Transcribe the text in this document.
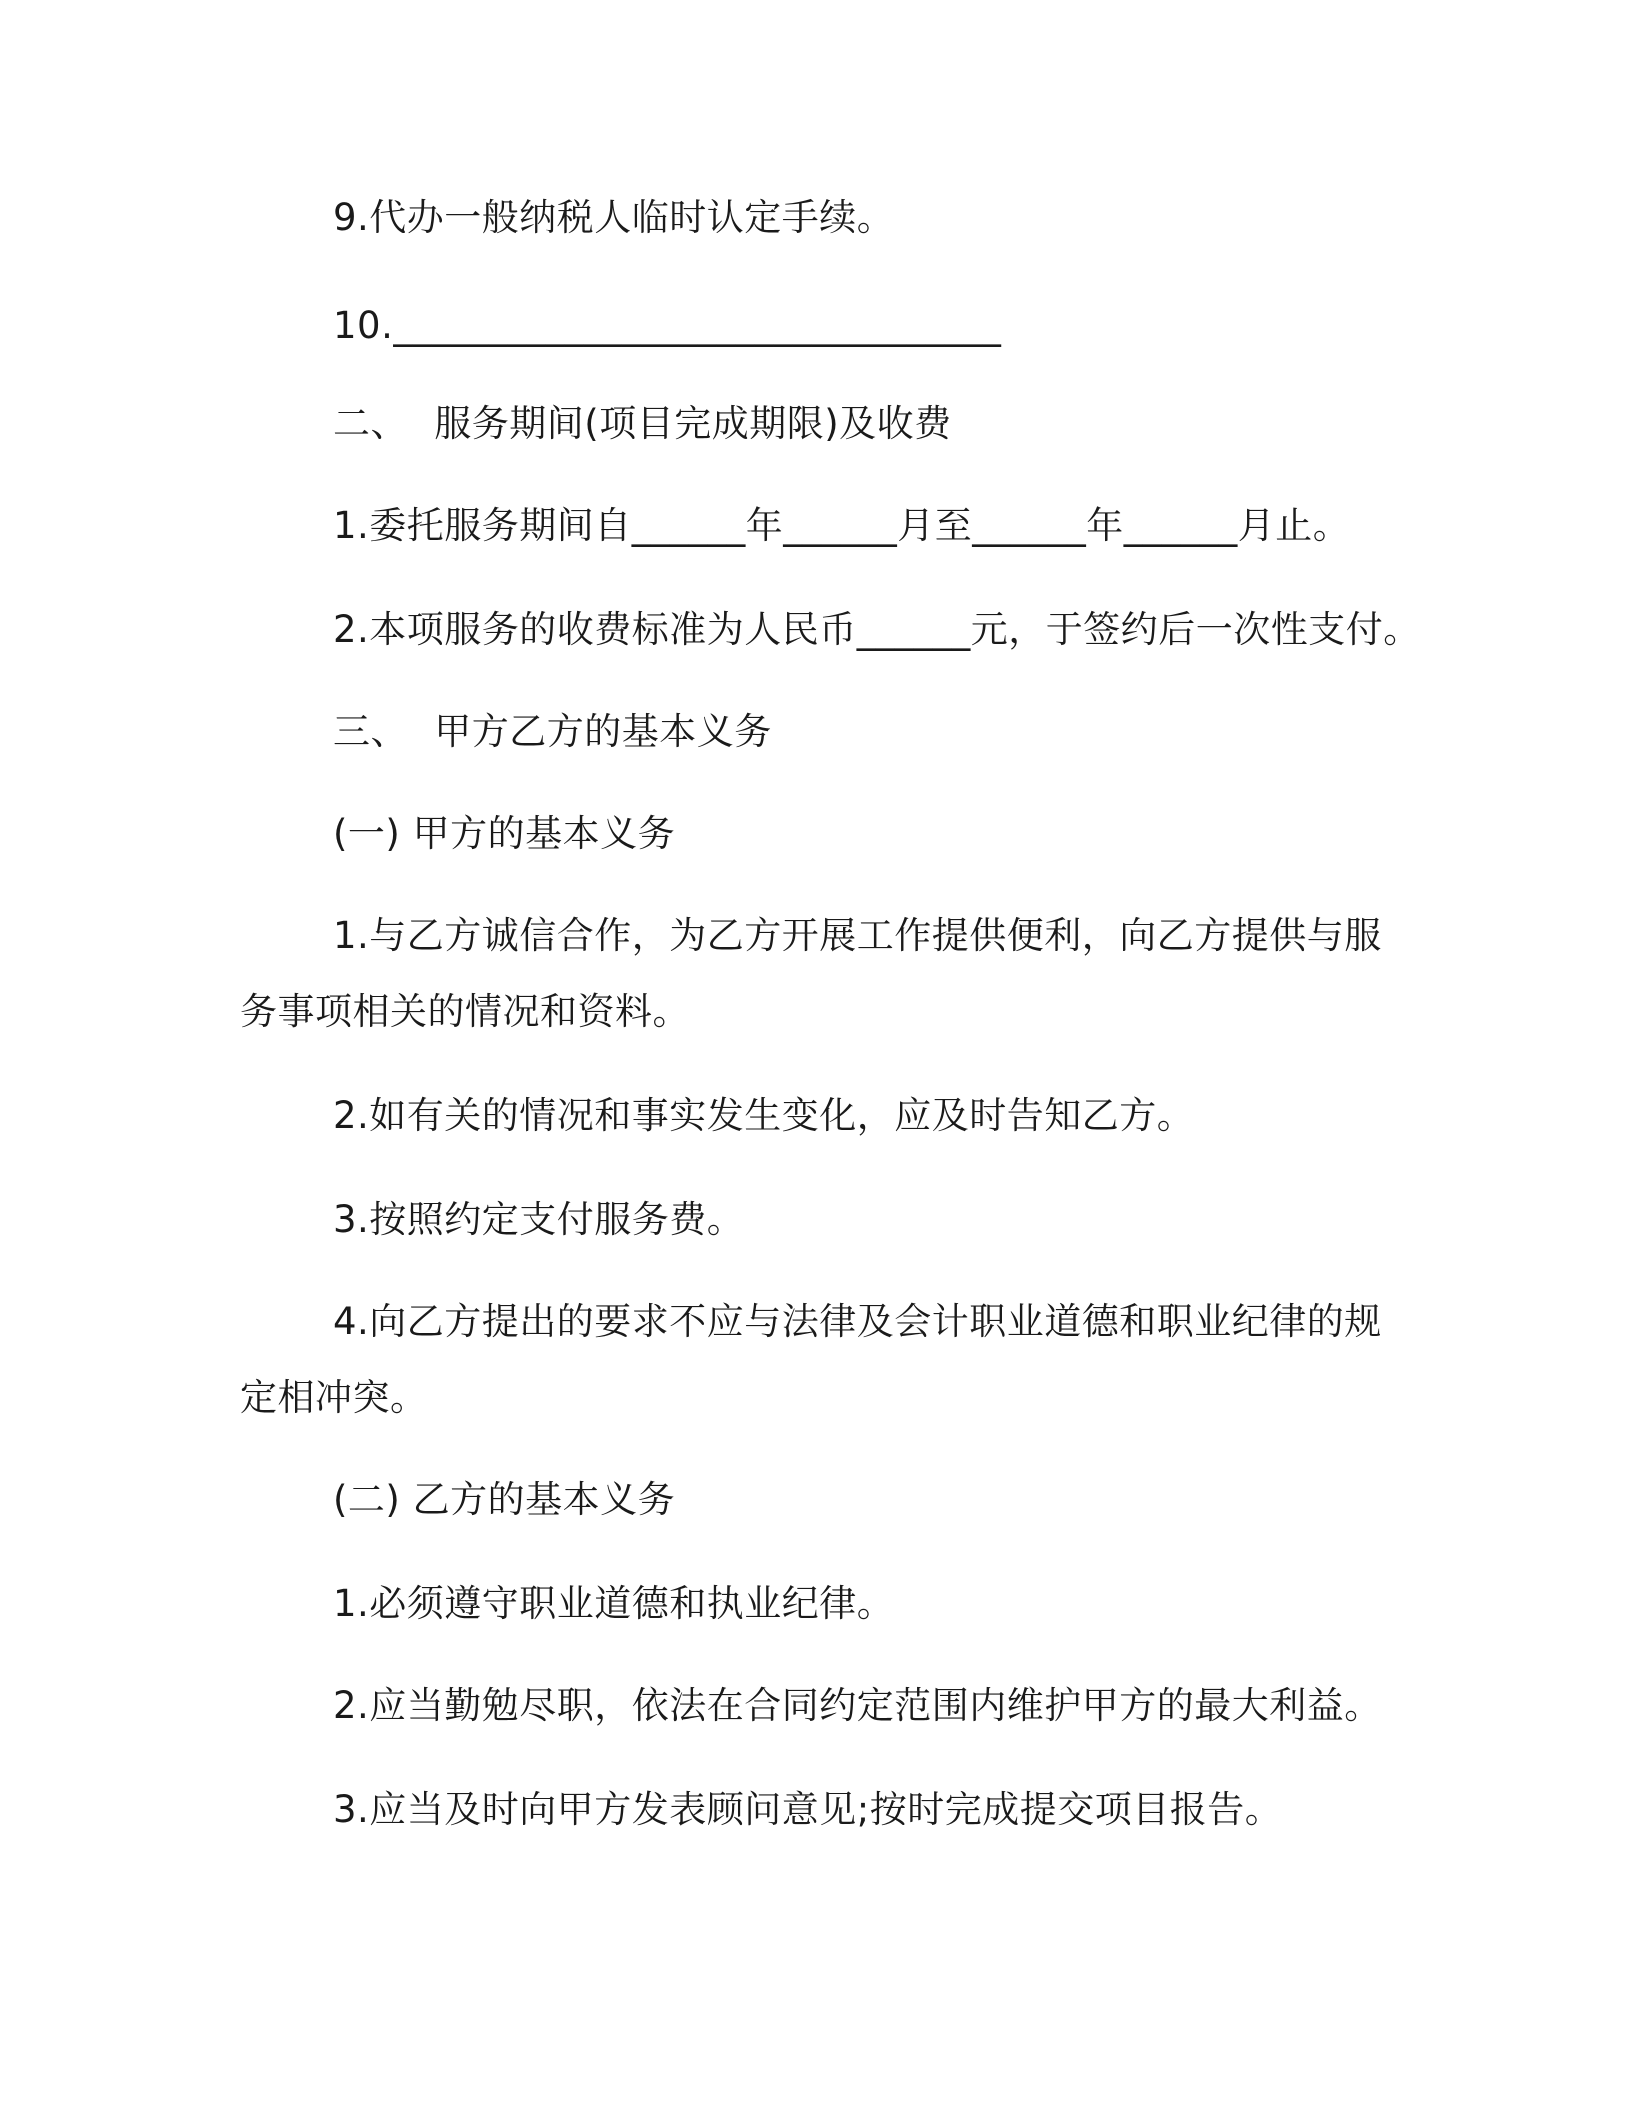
9.代办一般纳税人临时认定手续。
10.________________________________
二、 服务期间(项目完成期限)及收费
1.委托服务期间自______年______月至______年______月止。
2.本项服务的收费标准为人民币______元，于签约后一次性支付。
三、 甲方乙方的基本义务
(一) 甲方的基本义务
1.与乙方诚信合作，为乙方开展工作提供便利，向乙方提供与服
务事项相关的情况和资料。
2.如有关的情况和事实发生变化，应及时告知乙方。
3.按照约定支付服务费。
4.向乙方提出的要求不应与法律及会计职业道德和职业纪律的规
定相冲突。
(二) 乙方的基本义务
1.必须遵守职业道德和执业纪律。
2.应当勤勉尽职，依法在合同约定范围内维护甲方的最大利益。
3.应当及时向甲方发表顾问意见;按时完成提交项目报告。
